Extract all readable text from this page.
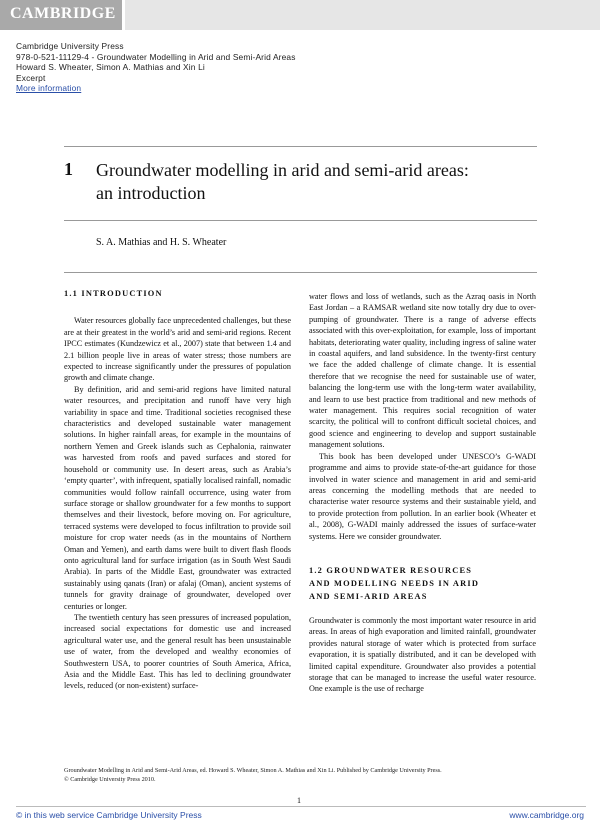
CAMBRIDGE
Cambridge University Press
978-0-521-11129-4 - Groundwater Modelling in Arid and Semi-Arid Areas
Howard S. Wheater, Simon A. Mathias and Xin Li
Excerpt
More information
1 Groundwater modelling in arid and semi-arid areas:
an introduction
S. A. Mathias and H. S. Wheater

1.1 INTRODUCTION

Water resources globally face unprecedented challenges, but these are at their greatest in the world’s arid and semi-arid regions. Recent IPCC estimates (Kundzewicz et al., 2007) state that between 1.4 and 2.1 billion people live in areas of water stress; those numbers are expected to increase significantly under the pressures of population growth and climate change.

By definition, arid and semi-arid regions have limited natural water resources, and precipitation and runoff have very high variability in space and time. Traditional societies recognised these characteristics and developed sustainable water management solutions. In higher rainfall areas, for example in the mountains of northern Yemen and Greek islands such as Cephalonia, rainwater was harvested from roofs and paved surfaces and stored for household or community use. In desert areas, such as Arabia’s ‘empty quarter’, with infrequent, spatially localised rainfall, nomadic communities would follow rainfall occurrence, using water from surface storage or shallow groundwater for a few months to support themselves and their livestock, before moving on. For agriculture, terraced systems were developed to focus infiltration to provide soil moisture for crop water needs (as in the mountains of Northern Oman and Yemen), and earth dams were built to divert flash floods onto agricultural land for surface irrigation (as in South West Saudi Arabia). In parts of the Middle East, groundwater was extracted sustainably using qanats (Iran) or afalaj (Oman), ancient systems of tunnels for gravity drainage of groundwater, developed over centuries or longer.

The twentieth century has seen pressures of increased population, increased social expectations for domestic use and increased agricultural water use, and the general result has been unsustainable use of water, from the developed and wealthy economies of Southwestern USA, to poorer countries of South America, Africa, Asia and the Middle East. This has led to declining groundwater levels, reduced (or non-existent) surface-

water flows and loss of wetlands, such as the Azraq oasis in North East Jordan – a RAMSAR wetland site now totally dry due to over-pumping of groundwater. There is a range of adverse effects associated with this over-exploitation, for example, loss of important habitats, deteriorating water quality, including ingress of saline water in coastal aquifers, and land subsidence. In the twenty-first century we face the added challenge of climate change. It is essential therefore that we recognise the need for sustainable use of water, balancing the long-term use with the long-term water availability, and learn to use best practice from traditional and new methods of water management. This requires social recognition of water scarcity, the political will to confront difficult societal choices, and good science and engineering to develop and support sustainable management solutions.

This book has been developed under UNESCO’s G-WADI programme and aims to provide state-of-the-art guidance for those involved in water science and management in arid and semi-arid areas concerning the modelling methods that are needed to characterise water resource systems and their sustainable yield, and to provide protection from pollution. In an earlier book (Wheater et al., 2008), G-WADI mainly addressed the issues of surface-water systems. Here we consider groundwater.

1.2 GROUNDWATER RESOURCES
AND MODELLING NEEDS IN ARID
AND SEMI-ARID AREAS

Groundwater is commonly the most important water resource in arid areas. In areas of high evaporation and limited rainfall, groundwater provides natural storage of water which is protected from surface evaporation, it is spatially distributed, and it can be developed with limited capital expenditure. Groundwater also provides a potential storage that can be managed to increase the useful water resource. One example is the use of recharge

Groundwater Modelling in Arid and Semi-Arid Areas, ed. Howard S. Wheater, Simon A. Mathias and Xin Li. Published by Cambridge University Press.
© Cambridge University Press 2010.
1
© in this web service Cambridge University Press	www.cambridge.org
